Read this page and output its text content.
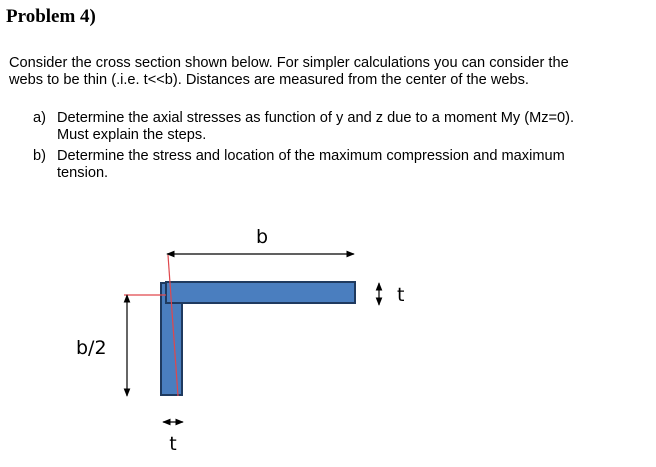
Problem 4)
Consider the cross section shown below. For simpler calculations you can consider the
webs to be thin (.i.e. t<<b). Distances are measured from the center of the webs.
a) Determine the axial stresses as function of y and z due to a moment My (Mz=0).
Must explain the steps.
b) Determine the stress and location of the maximum compression and maximum
tension.
b
t
b/2
t
